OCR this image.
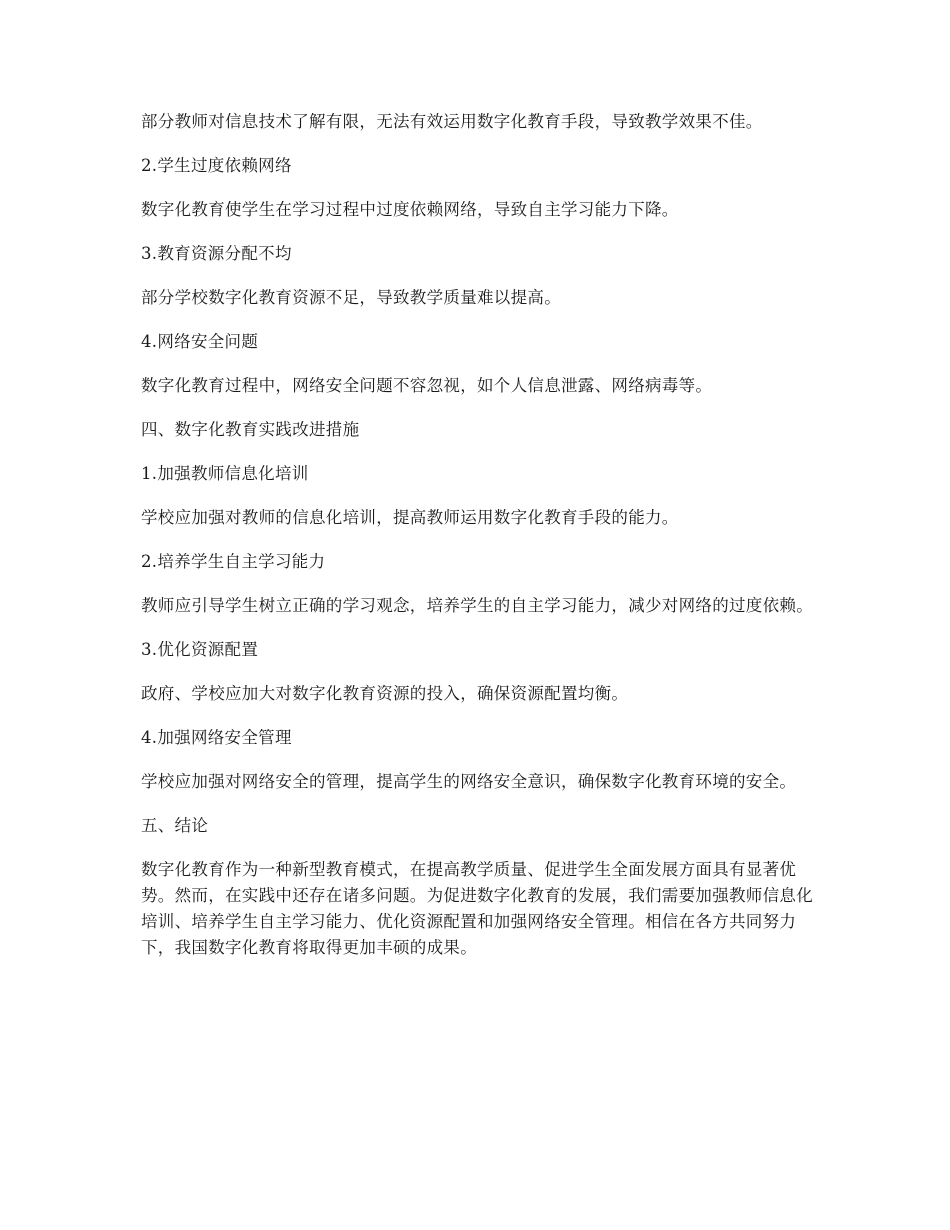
部分教师对信息技术了解有限，无法有效运用数字化教育手段，导致教学效果不佳。

2.学生过度依赖网络

数字化教育使学生在学习过程中过度依赖网络，导致自主学习能力下降。

3.教育资源分配不均

部分学校数字化教育资源不足，导致教学质量难以提高。

4.网络安全问题

数字化教育过程中，网络安全问题不容忽视，如个人信息泄露、网络病毒等。

四、数字化教育实践改进措施

1.加强教师信息化培训

学校应加强对教师的信息化培训，提高教师运用数字化教育手段的能力。

2.培养学生自主学习能力

教师应引导学生树立正确的学习观念，培养学生的自主学习能力，减少对网络的过度依赖。

3.优化资源配置

政府、学校应加大对数字化教育资源的投入，确保资源配置均衡。

4.加强网络安全管理

学校应加强对网络安全的管理，提高学生的网络安全意识，确保数字化教育环境的安全。

五、结论

数字化教育作为一种新型教育模式，在提高教学质量、促进学生全面发展方面具有显著优势。然而，在实践中还存在诸多问题。为促进数字化教育的发展，我们需要加强教师信息化培训、培养学生自主学习能力、优化资源配置和加强网络安全管理。相信在各方共同努力下，我国数字化教育将取得更加丰硕的成果。
